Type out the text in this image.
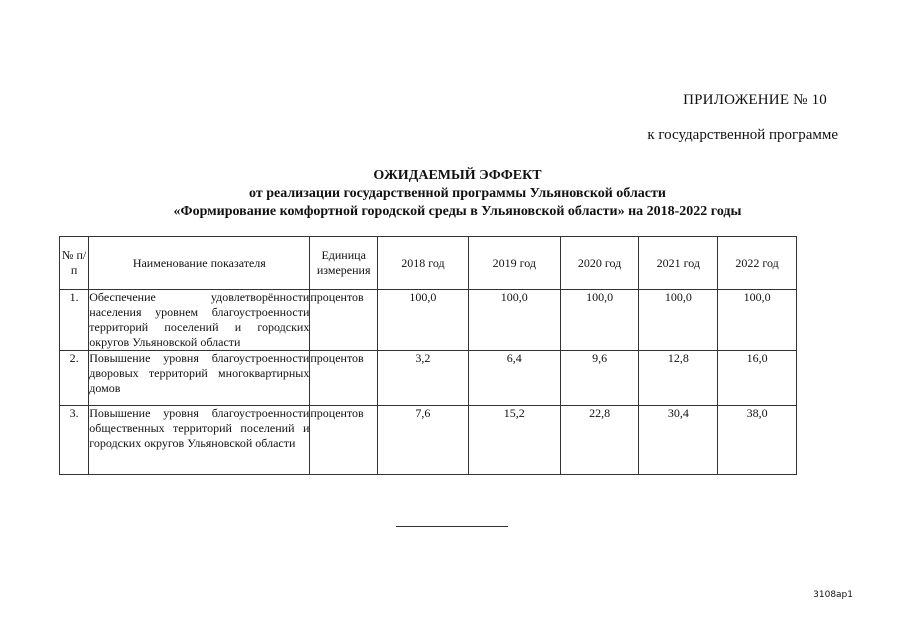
ПРИЛОЖЕНИЕ № 10
к государственной программе
ОЖИДАЕМЫЙ ЭФФЕКТ
от реализации государственной программы Ульяновской области
«Формирование комфортной городской среды в Ульяновской области» на 2018-2022 годы
№ п/п	Наименование показателя	Единица измерения	2018 год	2019 год	2020 год	2021 год	2022 год
1.	Обеспечение удовлетворённости населения уровнем благоустроенности территорий поселений и городских округов Ульяновской области	процентов	100,0	100,0	100,0	100,0	100,0
2.	Повышение уровня благоустроенности дворовых территорий многоквартирных домов	процентов	3,2	6,4	9,6	12,8	16,0
3.	Повышение уровня благоустроенности общественных территорий поселений и городских округов Ульяновской области	процентов	7,6	15,2	22,8	30,4	38,0
3108ap1
